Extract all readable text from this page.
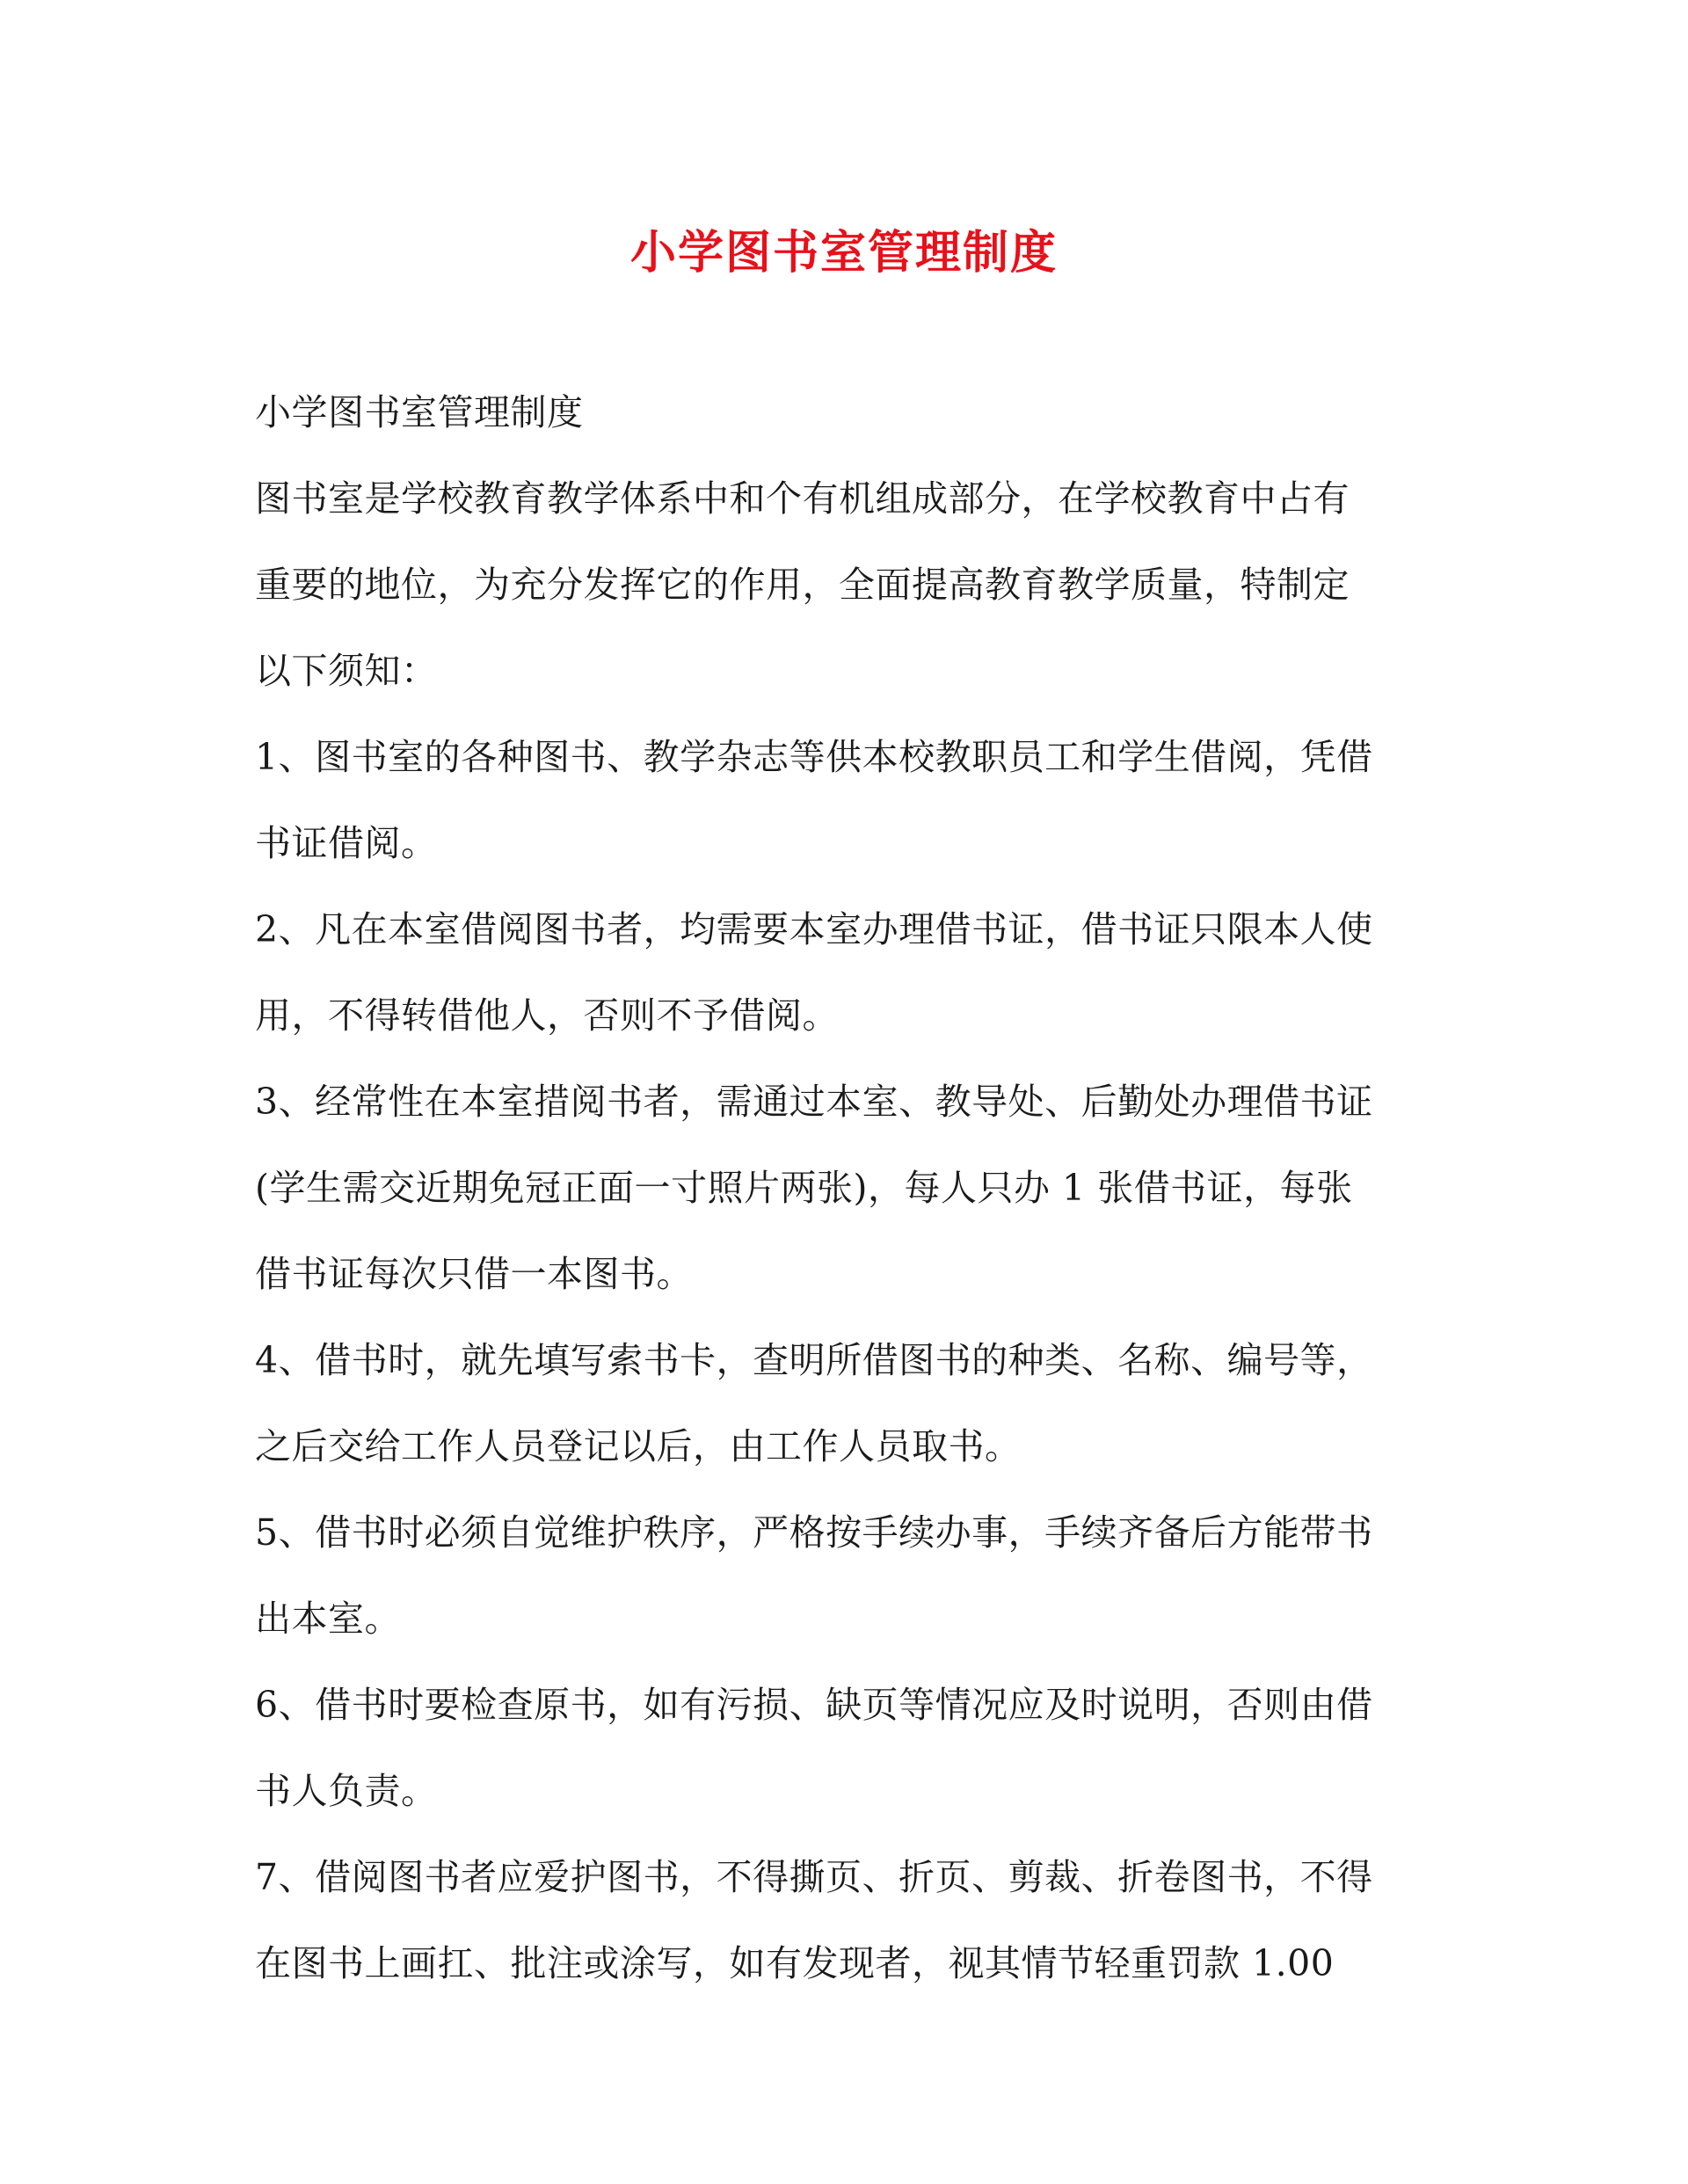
小学图书室管理制度
小学图书室管理制度
图书室是学校教育教学体系中和个有机组成部分，在学校教育中占有
重要的地位，为充分发挥它的作用，全面提高教育教学质量，特制定
以下须知：
1、图书室的各种图书、教学杂志等供本校教职员工和学生借阅，凭借
书证借阅。
2、凡在本室借阅图书者，均需要本室办理借书证，借书证只限本人使
用，不得转借他人，否则不予借阅。
3、经常性在本室措阅书者，需通过本室、教导处、后勤处办理借书证
(学生需交近期免冠正面一寸照片两张)，每人只办 1 张借书证，每张
借书证每次只借一本图书。
4、借书时，就先填写索书卡，查明所借图书的种类、名称、编号等，
之后交给工作人员登记以后，由工作人员取书。
5、借书时必须自觉维护秩序，严格按手续办事，手续齐备后方能带书
出本室。
6、借书时要检查原书，如有污损、缺页等情况应及时说明，否则由借
书人负责。
7、借阅图书者应爱护图书，不得撕页、折页、剪裁、折卷图书，不得
在图书上画扛、批注或涂写，如有发现者，视其情节轻重罚款 1.00
